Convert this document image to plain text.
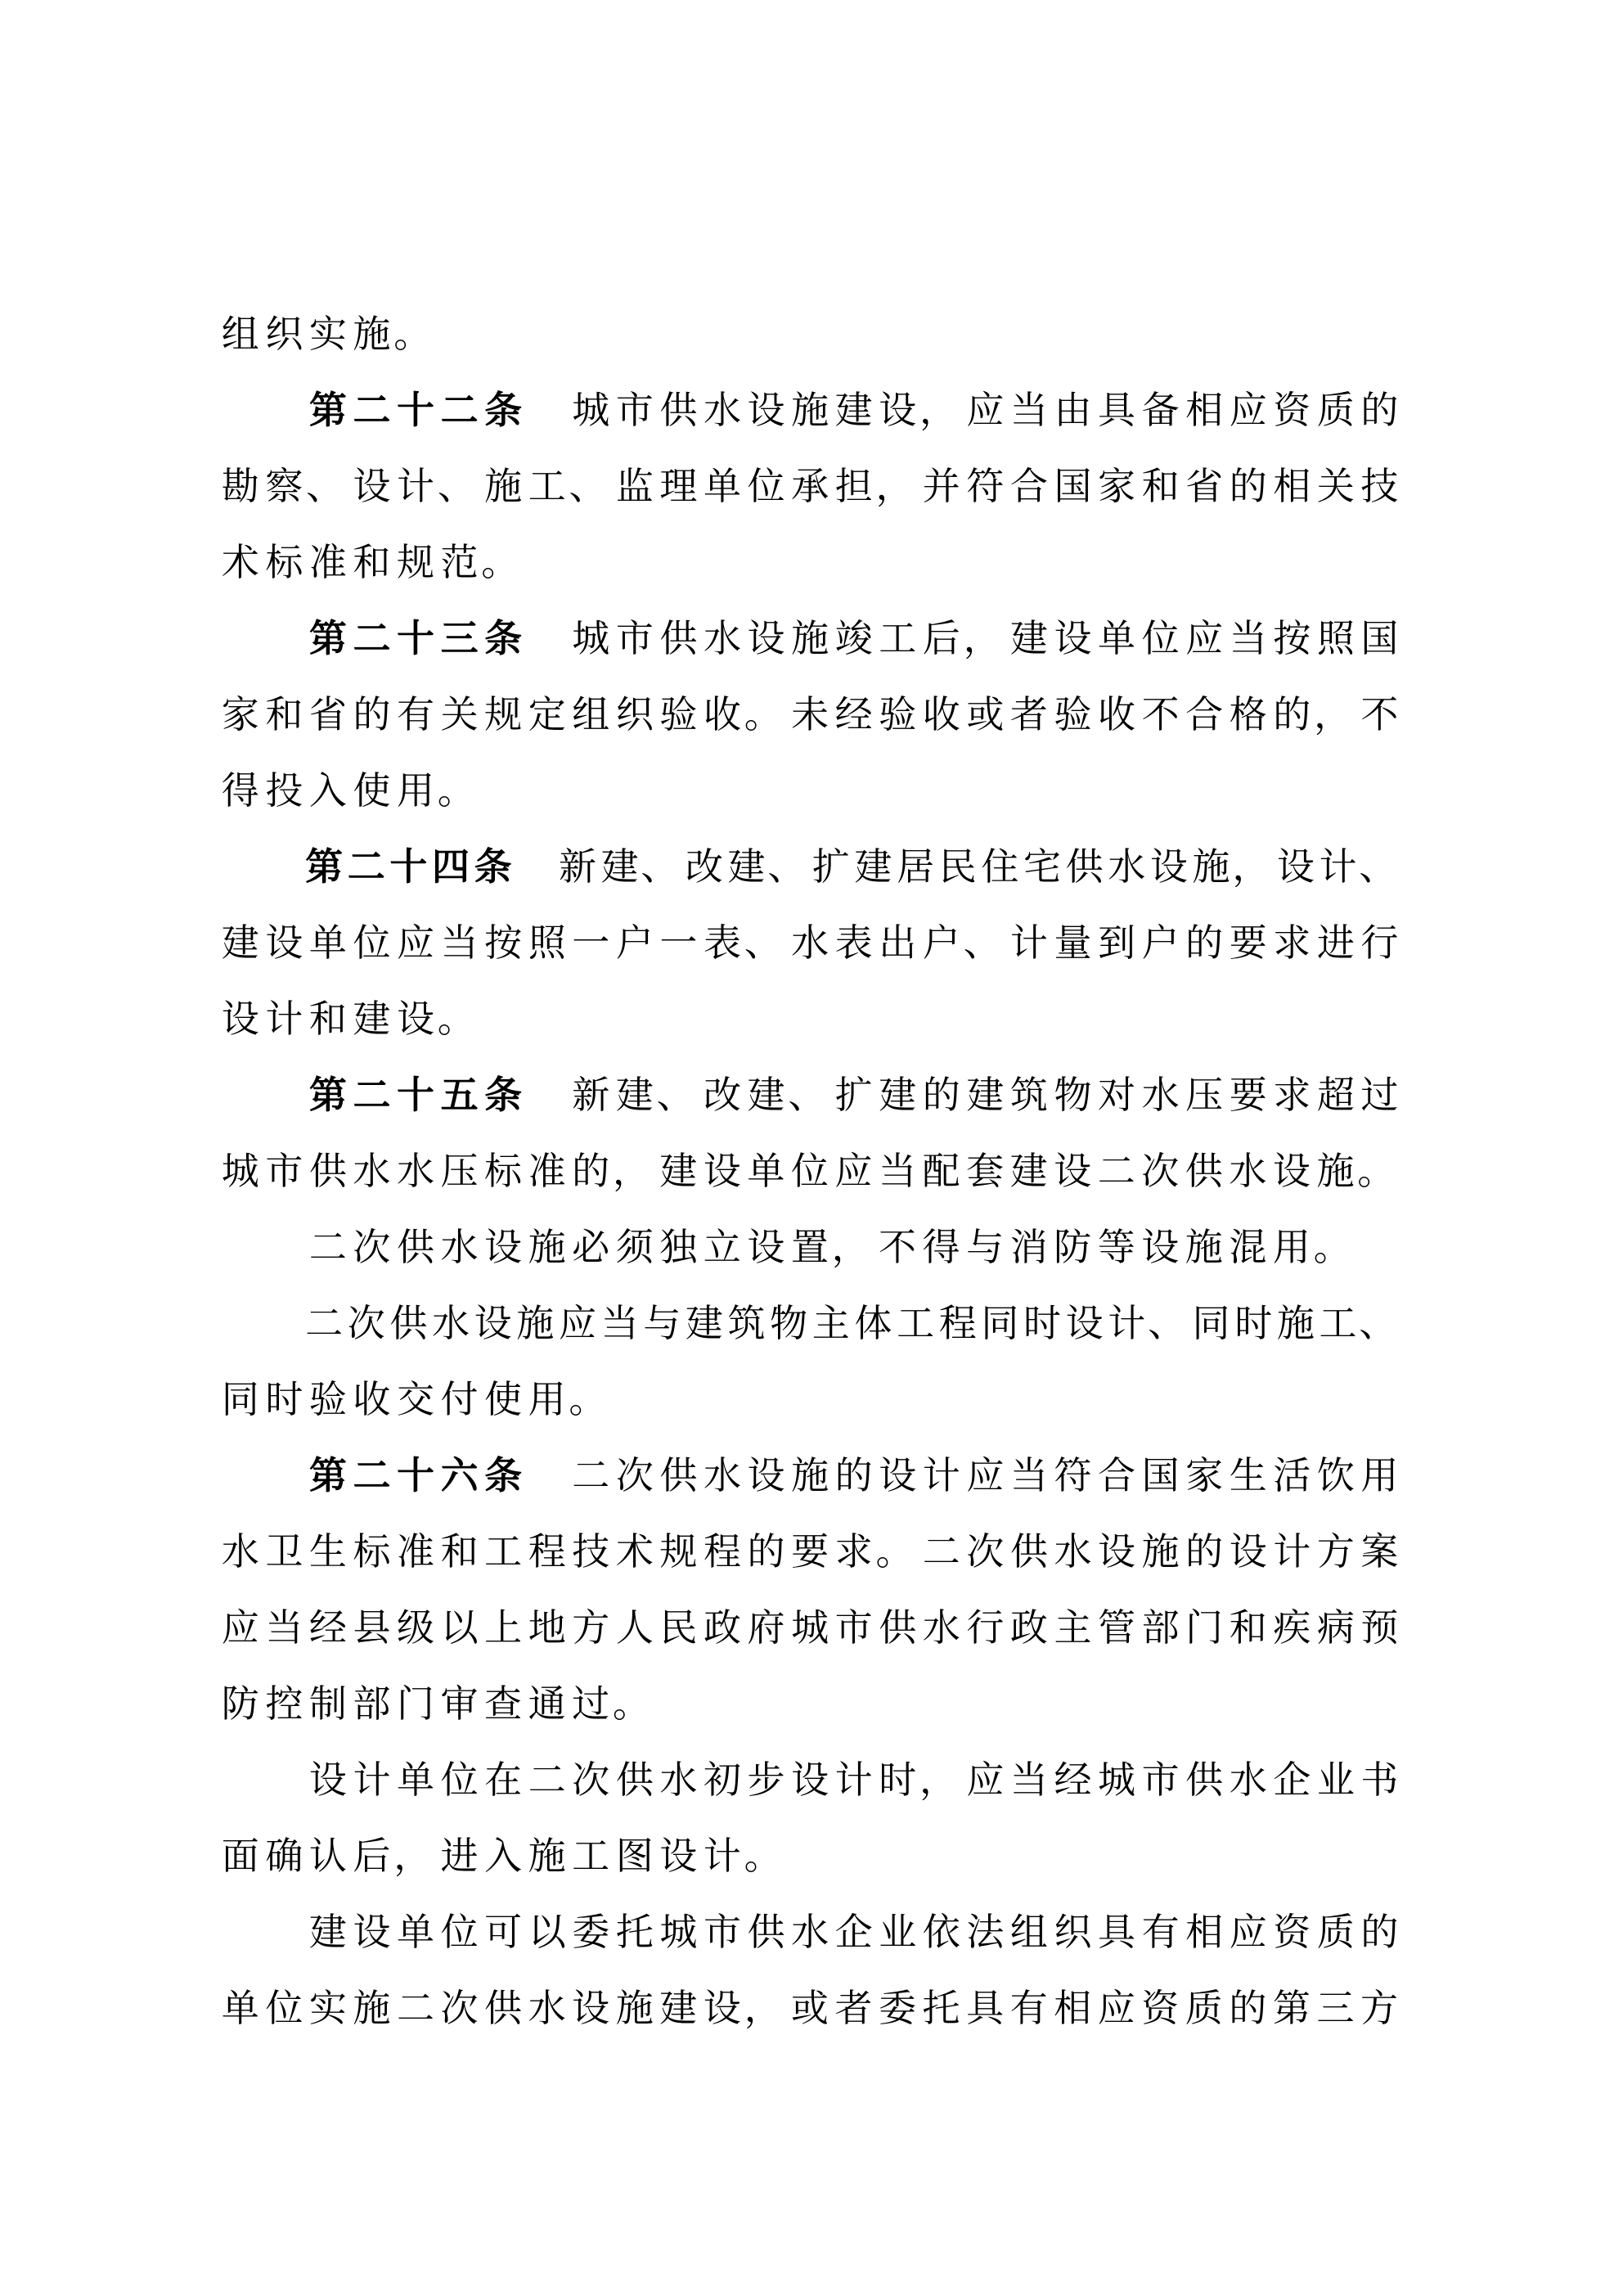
组 织 实 施 。
第 二 十 二 条 城 市 供 水 设 施 建 设 ， 应 当 由 具 备 相 应 资 质 的
勘 察 、 设 计 、 施 工 、 监 理 单 位 承 担 ， 并 符 合 国 家 和 省 的 相 关 技
术 标 准 和 规 范 。
第 二 十 三 条 城 市 供 水 设 施 竣 工 后 ， 建 设 单 位 应 当 按 照 国
家 和 省 的 有 关 规 定 组 织 验 收 。 未 经 验 收 或 者 验 收 不 合 格 的 ， 不
得 投 入 使 用 。
第 二 十 四 条 新 建 、 改 建 、 扩 建 居 民 住 宅 供 水 设 施 ， 设 计 、
建 设 单 位 应 当 按 照 一 户 一 表 、 水 表 出 户 、 计 量 到 户 的 要 求 进 行
设 计 和 建 设 。
第 二 十 五 条 新 建 、 改 建 、 扩 建 的 建 筑 物 对 水 压 要 求 超 过
城 市 供 水 水 压 标 准 的 ， 建 设 单 位 应 当 配 套 建 设 二 次 供 水 设 施 。
二 次 供 水 设 施 必 须 独 立 设 置 ， 不 得 与 消 防 等 设 施 混 用 。
二 次 供 水 设 施 应 当 与 建 筑 物 主 体 工 程 同 时 设 计 、 同 时 施 工 、
同 时 验 收 交 付 使 用 。
第 二 十 六 条 二 次 供 水 设 施 的 设 计 应 当 符 合 国 家 生 活 饮 用
水 卫 生 标 准 和 工 程 技 术 规 程 的 要 求 。 二 次 供 水 设 施 的 设 计 方 案
应 当 经 县 级 以 上 地 方 人 民 政 府 城 市 供 水 行 政 主 管 部 门 和 疾 病 预
防 控 制 部 门 审 查 通 过 。
设 计 单 位 在 二 次 供 水 初 步 设 计 时 ， 应 当 经 城 市 供 水 企 业 书
面 确 认 后 ， 进 入 施 工 图 设 计 。
建 设 单 位 可 以 委 托 城 市 供 水 企 业 依 法 组 织 具 有 相 应 资 质 的
单 位 实 施 二 次 供 水 设 施 建 设 ， 或 者 委 托 具 有 相 应 资 质 的 第 三 方
